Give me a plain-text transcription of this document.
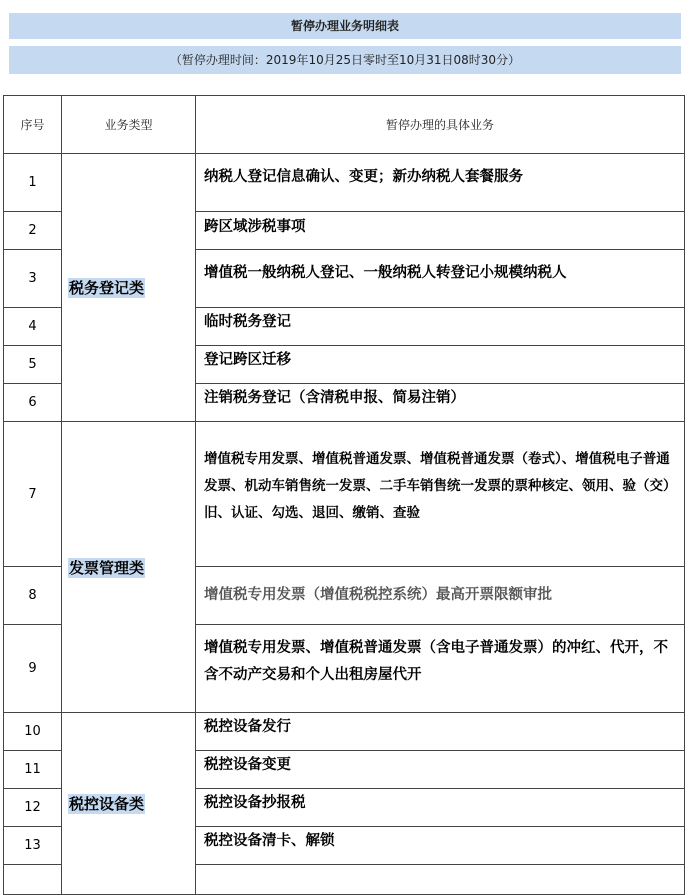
暂停办理业务明细表
（暂停办理时间：2019年10月25日零时至10月31日08时30分）
序号	业务类型	暂停办理的具体业务
1	税务登记类	纳税人登记信息确认、变更；新办纳税人套餐服务
2		跨区域涉税事项
3		增值税一般纳税人登记、一般纳税人转登记小规模纳税人
4		临时税务登记
5		登记跨区迁移
6		注销税务登记（含清税申报、简易注销）
7	发票管理类	增值税专用发票、增值税普通发票、增值税普通发票（卷式）、增值税电子普通发票、机动车销售统一发票、二手车销售统一发票的票种核定、领用、验（交）旧、认证、勾选、退回、缴销、查验
8		增值税专用发票（增值税税控系统）最高开票限额审批
9		增值税专用发票、增值税普通发票（含电子普通发票）的冲红、代开，不含不动产交易和个人出租房屋代开
10	税控设备类	税控设备发行
11		税控设备变更
12		税控设备抄报税
13		税控设备清卡、解锁
